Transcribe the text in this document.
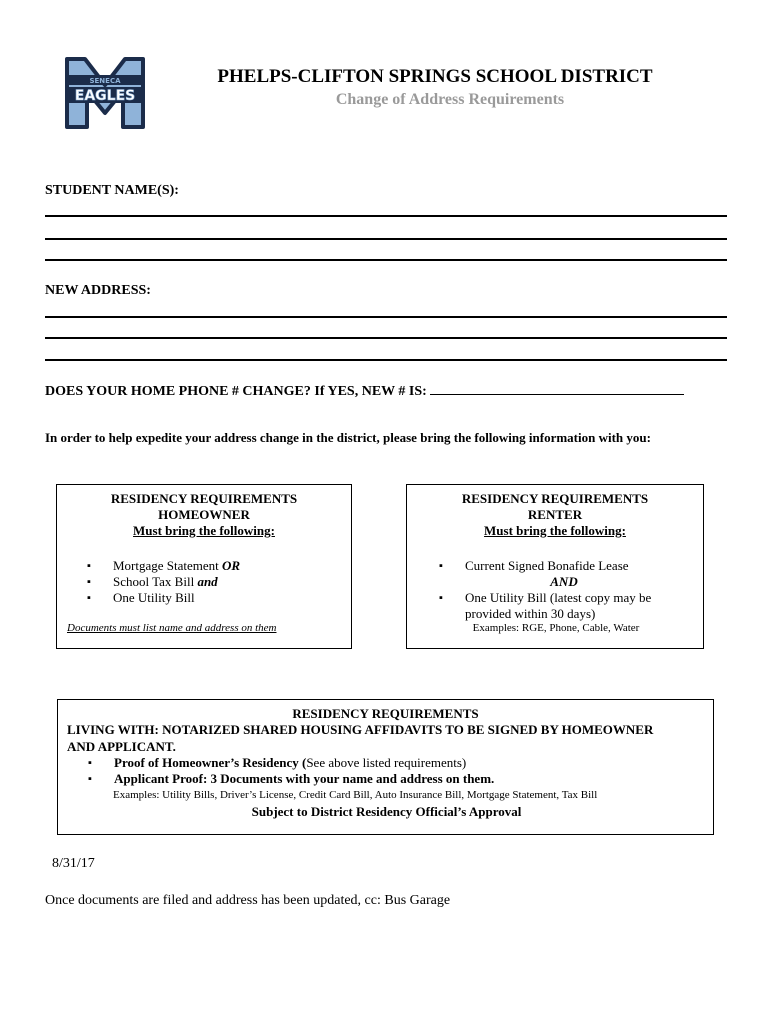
SENECA
EAGLES
PHELPS-CLIFTON SPRINGS SCHOOL DISTRICT
Change of Address Requirements
STUDENT NAME(S):
NEW ADDRESS:
DOES YOUR HOME PHONE # CHANGE? If YES, NEW # IS:
In order to help expedite your address change in the district, please bring the following information with you:
RESIDENCY REQUIREMENTS
HOMEOWNER
Must bring the following:
▪ Mortgage Statement OR
▪ School Tax Bill and
▪ One Utility Bill
Documents must list name and address on them
RESIDENCY REQUIREMENTS
RENTER
Must bring the following:
▪ Current Signed Bonafide Lease
AND
▪ One Utility Bill (latest copy may be
provided within 30 days)
Examples: RGE, Phone, Cable, Water
RESIDENCY REQUIREMENTS
LIVING WITH: NOTARIZED SHARED HOUSING AFFIDAVITS TO BE SIGNED BY HOMEOWNER
AND APPLICANT.
▪ Proof of Homeowner’s Residency (See above listed requirements)
▪ Applicant Proof: 3 Documents with your name and address on them.
Examples: Utility Bills, Driver’s License, Credit Card Bill, Auto Insurance Bill, Mortgage Statement, Tax Bill
Subject to District Residency Official’s Approval
8/31/17
Once documents are filed and address has been updated, cc: Bus Garage
